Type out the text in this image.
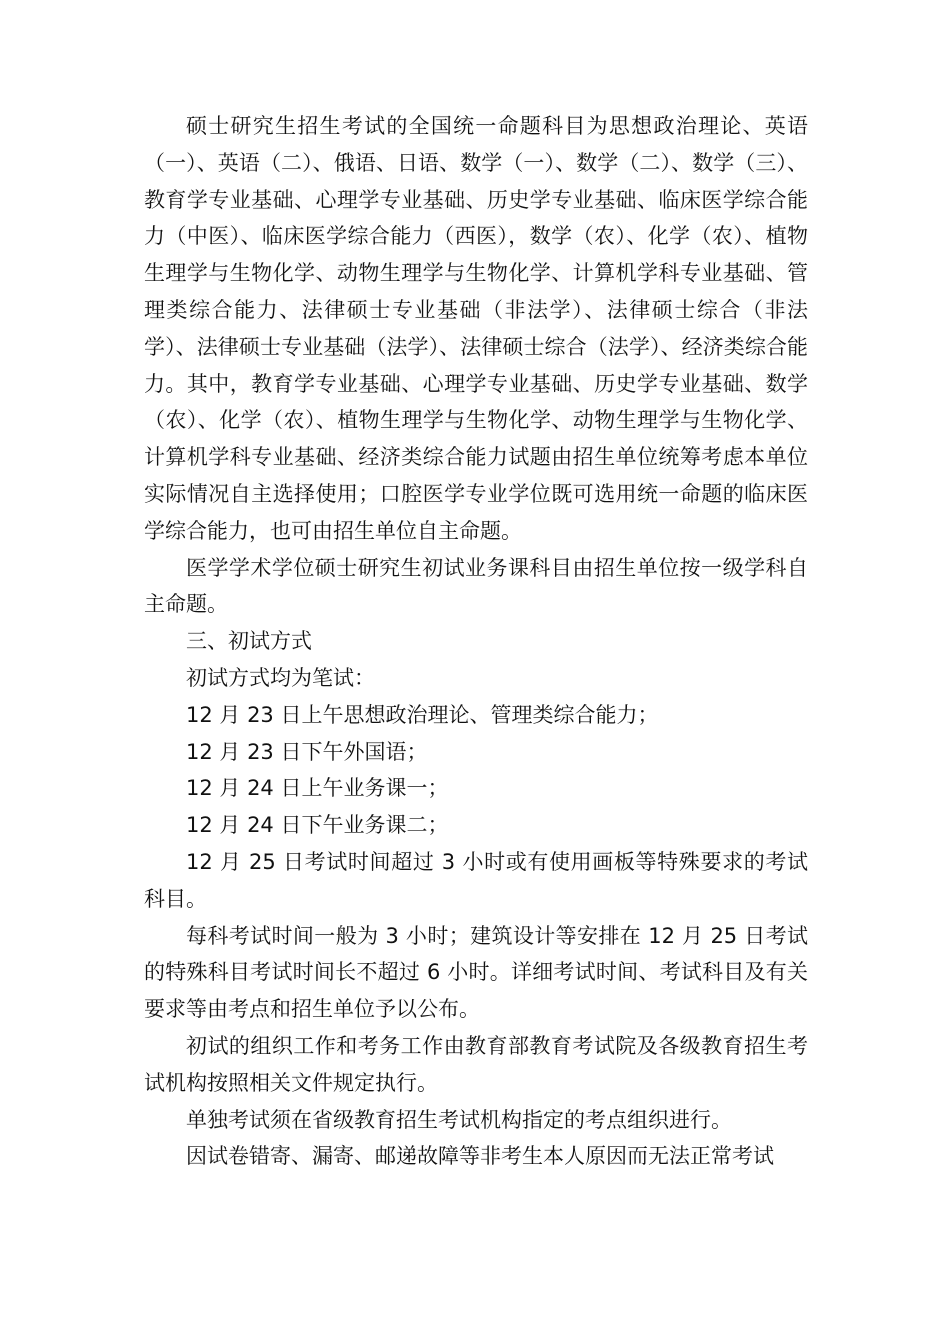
硕士研究生招生考试的全国统一命题科目为思想政治理论、英语（一）、英语（二）、俄语、日语、数学（一）、数学（二）、数学（三）、教育学专业基础、心理学专业基础、历史学专业基础、临床医学综合能力（中医）、临床医学综合能力（西医），数学（农）、化学（农）、植物生理学与生物化学、动物生理学与生物化学、计算机学科专业基础、管理类综合能力、法律硕士专业基础（非法学）、法律硕士综合（非法学）、法律硕士专业基础（法学）、法律硕士综合（法学）、经济类综合能力。其中，教育学专业基础、心理学专业基础、历史学专业基础、数学（农）、化学（农）、植物生理学与生物化学、动物生理学与生物化学、计算机学科专业基础、经济类综合能力试题由招生单位统筹考虑本单位实际情况自主选择使用；口腔医学专业学位既可选用统一命题的临床医学综合能力，也可由招生单位自主命题。

医学学术学位硕士研究生初试业务课科目由招生单位按一级学科自主命题。

三、初试方式

初试方式均为笔试：

12 月 23 日上午思想政治理论、管理类综合能力；

12 月 23 日下午外国语；

12 月 24 日上午业务课一；

12 月 24 日下午业务课二；

12 月 25 日考试时间超过 3 小时或有使用画板等特殊要求的考试科目。

每科考试时间一般为 3 小时；建筑设计等安排在 12 月 25 日考试的特殊科目考试时间长不超过 6 小时。详细考试时间、考试科目及有关要求等由考点和招生单位予以公布。

初试的组织工作和考务工作由教育部教育考试院及各级教育招生考试机构按照相关文件规定执行。

单独考试须在省级教育招生考试机构指定的考点组织进行。

因试卷错寄、漏寄、邮递故障等非考生本人原因而无法正常考试
